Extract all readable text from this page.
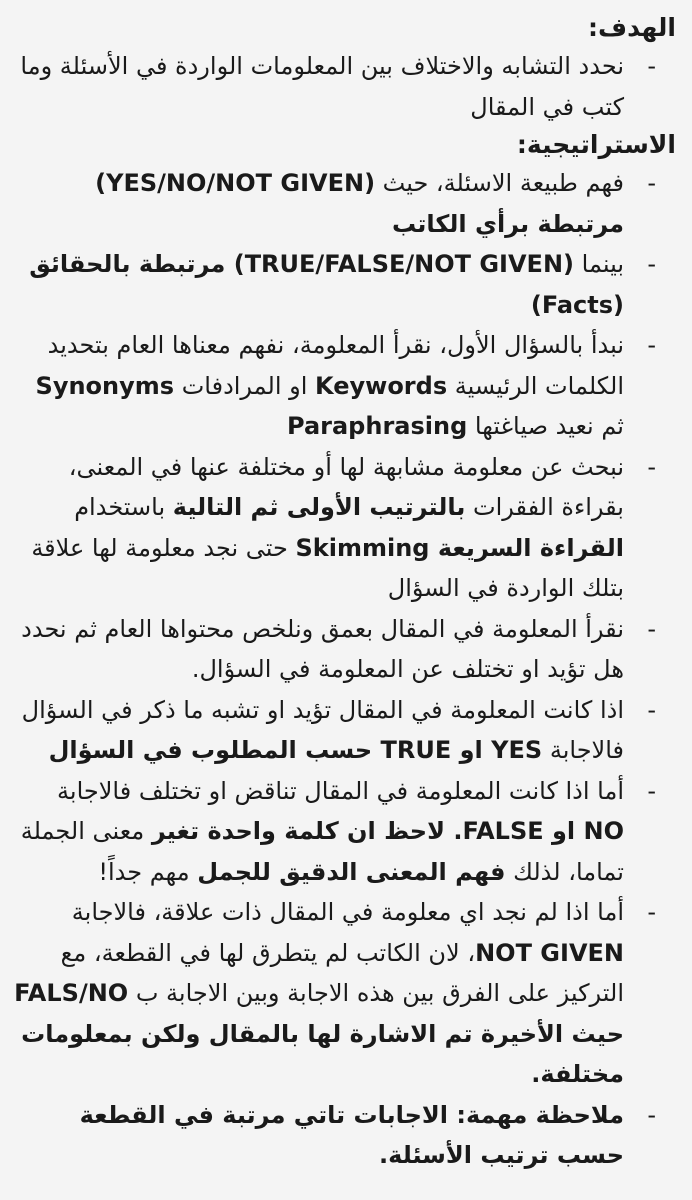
الهدف:
-
نحدد التشابه والاختلاف بين المعلومات الواردة في الأسئلة وما كتب في المقال
الاستراتيجية:
-
فهم طبيعة الاسئلة، حيث (YES/NO/NOT GIVEN) مرتبطة برأي الكاتب
-
بينما (TRUE/FALSE/NOT GIVEN) مرتبطة بالحقائق (Facts)
-
نبدأ بالسؤال الأول، نقرأ المعلومة، نفهم معناها العام بتحديد الكلمات الرئيسية Keywords او المرادفات Synonyms ثم نعيد صياغتها Paraphrasing
-
نبحث عن معلومة مشابهة لها أو مختلفة عنها في المعنى، بقراءة الفقرات بالترتيب الأولى ثم التالية باستخدام القراءة السريعة Skimming حتى نجد معلومة لها علاقة بتلك الواردة في السؤال
-
نقرأ المعلومة في المقال بعمق ونلخص محتواها العام ثم نحدد هل تؤيد او تختلف عن المعلومة في السؤال.
-
اذا كانت المعلومة في المقال تؤيد او تشبه ما ذكر في السؤال فالاجابة YES او TRUE حسب المطلوب في السؤال
-
أما اذا كانت المعلومة في المقال تناقض او تختلف فالاجابة NO او FALSE. لاحظ ان كلمة واحدة تغير معنى الجملة تماما، لذلك فهم المعنى الدقيق للجمل مهم جداً!
-
أما اذا لم نجد اي معلومة في المقال ذات علاقة، فالاجابة NOT GIVEN، لان الكاتب لم يتطرق لها في القطعة، مع التركيز على الفرق بين هذه الاجابة وبين الاجابة ب FALS/NO حيث الأخيرة تم الاشارة لها بالمقال ولكن بمعلومات مختلفة.
-
ملاحظة مهمة: الاجابات تاتي مرتبة في القطعة حسب ترتيب الأسئلة.
